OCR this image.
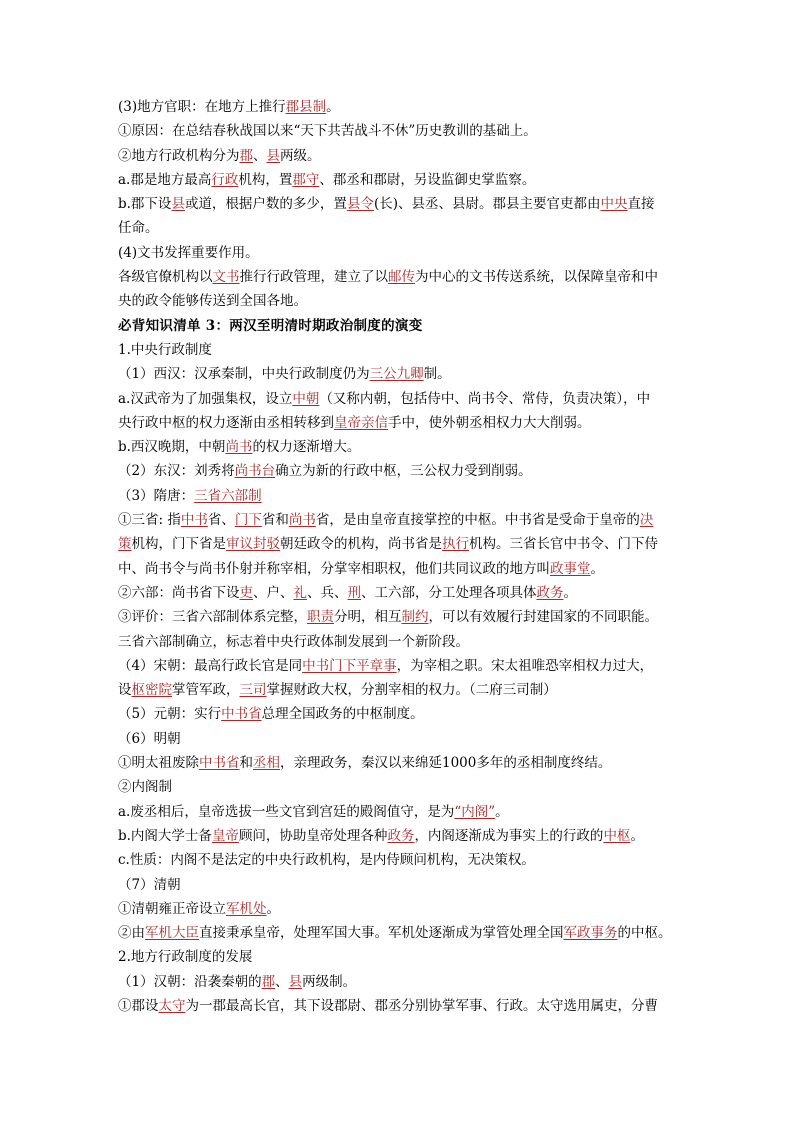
(3)地方官职：在地方上推行郡县制。
①原因：在总结春秋战国以来“天下共苦战斗不休”历史教训的基础上。
②地方行政机构分为郡、县两级。
a.郡是地方最高行政机构，置郡守、郡丞和郡尉，另设监御史掌监察。
b.郡下设县或道，根据户数的多少，置县令(长)、县丞、县尉。郡县主要官吏都由中央直接
任命。
(4)文书发挥重要作用。
各级官僚机构以文书推行行政管理，建立了以邮传为中心的文书传送系统，以保障皇帝和中
央的政令能够传送到全国各地。
必背知识清单 3：两汉至明清时期政治制度的演变
1.中央行政制度
（1）西汉：汉承秦制，中央行政制度仍为三公九卿制。
a.汉武帝为了加强集权，设立中朝（又称内朝，包括侍中、尚书令、常侍，负责决策），中
央行政中枢的权力逐渐由丞相转移到皇帝亲信手中，使外朝丞相权力大大削弱。
b.西汉晚期，中朝尚书的权力逐渐增大。
（2）东汉：刘秀将尚书台确立为新的行政中枢，三公权力受到削弱。
（3）隋唐：三省六部制
①三省: 指中书省、门下省和尚书省，是由皇帝直接掌控的中枢。中书省是受命于皇帝的决
策机构，门下省是审议封驳朝廷政令的机构，尚书省是执行机构。三省长官中书令、门下侍
中、尚书令与尚书仆射并称宰相，分掌宰相职权，他们共同议政的地方叫政事堂。
②六部：尚书省下设吏、户、礼、兵、刑、工六部，分工处理各项具体政务。
③评价：三省六部制体系完整，职责分明，相互制约，可以有效履行封建国家的不同职能。
三省六部制确立，标志着中央行政体制发展到一个新阶段。
（4）宋朝：最高行政长官是同中书门下平章事，为宰相之职。宋太祖唯恐宰相权力过大，
设枢密院掌管军政，三司掌握财政大权，分割宰相的权力。（二府三司制）
（5）元朝：实行中书省总理全国政务的中枢制度。
（6）明朝
①明太祖废除中书省和丞相，亲理政务，秦汉以来绵延1000多年的丞相制度终结。
②内阁制
a.废丞相后，皇帝选拔一些文官到宫廷的殿阁值守，是为“内阁”。
b.内阁大学士备皇帝顾问，协助皇帝处理各种政务，内阁逐渐成为事实上的行政的中枢。
c.性质：内阁不是法定的中央行政机构，是内侍顾问机构，无决策权。
（7）清朝
①清朝雍正帝设立军机处。
②由军机大臣直接秉承皇帝，处理军国大事。军机处逐渐成为掌管处理全国军政事务的中枢。
2.地方行政制度的发展
（1）汉朝：沿袭秦朝的郡、县两级制。
①郡设太守为一郡最高长官，其下设郡尉、郡丞分别协掌军事、行政。太守选用属吏，分曹
